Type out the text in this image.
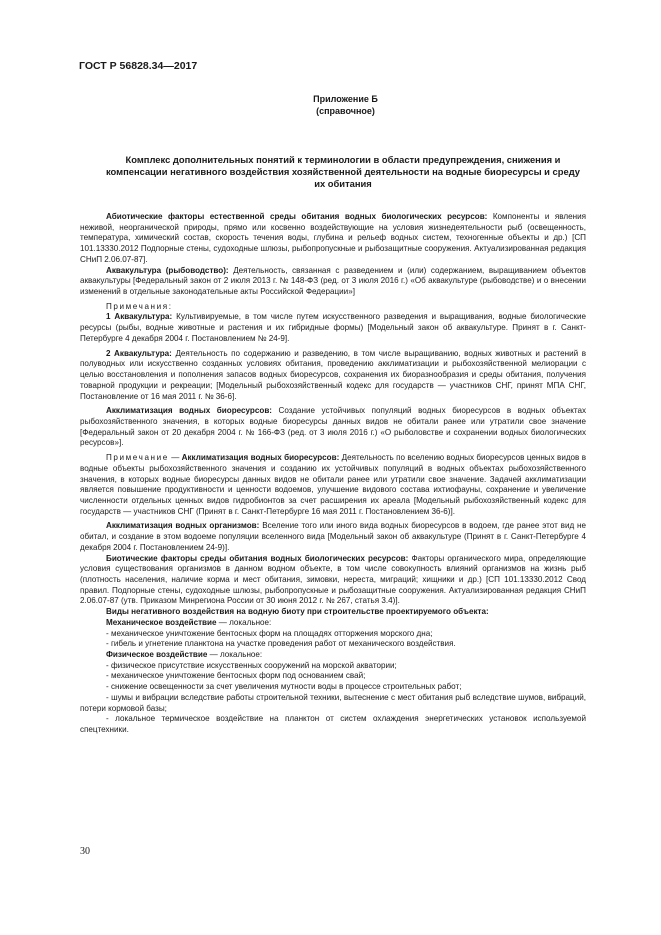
ГОСТ Р 56828.34—2017
Приложение Б
(справочное)
Комплекс дополнительных понятий к терминологии в области предупреждения, снижения и компенсации негативного воздействия хозяйственной деятельности на водные биоресурсы и среду их обитания

Абиотические факторы естественной среды обитания водных биологических ресурсов: Компоненты и явления неживой, неорганической природы, прямо или косвенно воздействующие на условия жизнедеятельности рыб (освещенность, температура, химический состав, скорость течения воды, глубина и рельеф водных систем, техногенные объекты и др.) [СП 101.13330.2012 Подпорные стены, судоходные шлюзы, рыбопропускные и рыбозащитные сооружения. Актуализированная редакция СНиП 2.06.07-87].

Аквакультура (рыбоводство): Деятельность, связанная с разведением и (или) содержанием, выращиванием объектов аквакультуры [Федеральный закон от 2 июля 2013 г. № 148-ФЗ (ред. от 3 июля 2016 г.) «Об аквакультуре (рыбоводстве) и о внесении изменений в отдельные законодательные акты Российской Федерации»]

Примечания:

1 Аквакультура: Культивируемые, в том числе путем искусственного разведения и выращивания, водные биологические ресурсы (рыбы, водные животные и растения и их гибридные формы) [Модельный закон об аквакультуре. Принят в г. Санкт-Петербурге 4 декабря 2004 г. Постановлением № 24-9].

2 Аквакультура: Деятельность по содержанию и разведению, в том числе выращиванию, водных животных и растений в полуводных или искусственно созданных условиях обитания, проведению акклиматизации и рыбохозяйственной мелиорации с целью восстановления и пополнения запасов водных биоресурсов, сохранения их биоразнообразия и среды обитания, получения товарной продукции и рекреации; [Модельный рыбохозяйственный кодекс для государств — участников СНГ, принят МПА СНГ, Постановление от 16 мая 2011 г. № 36-6].

Акклиматизация водных биоресурсов: Создание устойчивых популяций водных биоресурсов в водных объектах рыбохозяйственного значения, в которых водные биоресурсы данных видов не обитали ранее или утратили свое значение [Федеральный закон от 20 декабря 2004 г. № 166-ФЗ (ред. от 3 июля 2016 г.) «О рыболовстве и сохранении водных биологических ресурсов»].

Примечание — Акклиматизация водных биоресурсов: Деятельность по вселению водных биоресурсов ценных видов в водные объекты рыбохозяйственного значения и созданию их устойчивых популяций в водных объектах рыбохозяйственного значения, в которых водные биоресурсы данных видов не обитали ранее или утратили свое значение. Задачей акклиматизации является повышение продуктивности и ценности водоемов, улучшение видового состава ихтиофауны, сохранение и увеличение численности отдельных ценных видов гидробионтов за счет расширения их ареала [Модельный рыбохозяйственный кодекс для государств — участников СНГ (Принят в г. Санкт-Петербурге 16 мая 2011 г. Постановлением 36-6)].

Акклиматизация водных организмов: Вселение того или иного вида водных биоресурсов в водоем, где ранее этот вид не обитал, и создание в этом водоеме популяции вселенного вида [Модельный закон об аквакультуре (Принят в г. Санкт-Петербурге 4 декабря 2004 г. Постановлением 24-9)].

Биотические факторы среды обитания водных биологических ресурсов: Факторы органического мира, определяющие условия существования организмов в данном водном объекте, в том числе совокупность влияний организмов на жизнь рыб (плотность населения, наличие корма и мест обитания, зимовки, нереста, миграций; хищники и др.) [СП 101.13330.2012 Свод правил. Подпорные стены, судоходные шлюзы, рыбопропускные и рыбозащитные сооружения. Актуализированная редакция СНиП 2.06.07-87 (утв. Приказом Минрегиона России от 30 июня 2012 г. № 267, статья 3.4)].

Виды негативного воздействия на водную биоту при строительстве проектируемого объекта:

Механическое воздействие — локальное:

- механическое уничтожение бентосных форм на площадях отторжения морского дна;

- гибель и угнетение планктона на участке проведения работ от механического воздействия.

Физическое воздействие — локальное:

- физическое присутствие искусственных сооружений на морской акватории;

- механическое уничтожение бентосных форм под основанием свай;

- снижение освещенности за счет увеличения мутности воды в процессе строительных работ;

- шумы и вибрации вследствие работы строительной техники, вытеснение с мест обитания рыб вследствие шумов, вибраций, потери кормовой базы;

- локальное термическое воздействие на планктон от систем охлаждения энергетических установок используемой спецтехники.

30
